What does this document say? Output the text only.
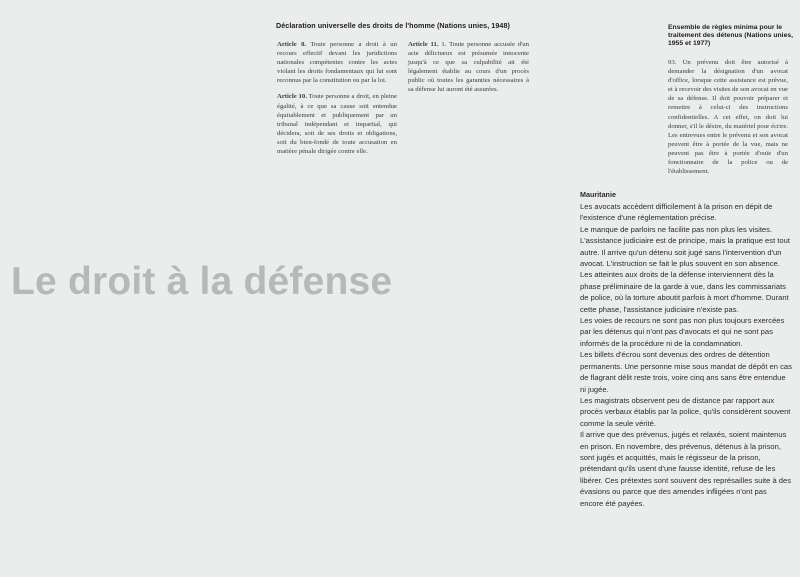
Déclaration universelle des droits de l'homme (Nations unies, 1948)

Article 8. Toute personne a droit à un recours effectif devant les juridictions nationales compétentes contre les actes violant les droits fondamentaux qui lui sont reconnus par la constitution ou par la loi.

Article 10. Toute personne a droit, en pleine égalité, à ce que sa cause soit entendue équitablement et publiquement par un tribunal indépendant et impartial, qui décidera, soit de ses droits et obligations, soit du bien-fondé de toute accusation en matière pénale dirigée contre elle.

Article 11. 1. Toute personne accusée d'un acte délictueux est présumée innocente jusqu'à ce que sa culpabilité ait été légalement établie au cours d'un procès public où toutes les garanties nécessaires à sa défense lui auront été assurées.

Ensemble de règles minima pour le traitement des détenus (Nations unies, 1955 et 1977)

93. Un prévenu doit être autorisé à demander la désignation d'un avocat d'office, lorsque cette assistance est prévue, et à recevoir des visites de son avocat en vue de sa défense. Il doit pouvoir préparer et remettre à celui-ci des instructions confidentielles. A cet effet, on doit lui donner, s'il le désire, du matériel pour écrire. Les entrevues entre le prévenu et son avocat peuvent être à portée de la vue, mais ne peuvent pas être à portée d'ouïe d'un fonctionnaire de la police ou de l'établissement.

Le droit à la défense
Mauritanie

Les avocats accèdent difficilement à la prison en dépit de l'existence d'une réglementation précise.

Le manque de parloirs ne facilite pas non plus les visites.

L'assistance judiciaire est de principe, mais la pratique est tout autre. Il arrive qu'un détenu soit jugé sans l'intervention d'un avocat. L'instruction se fait le plus souvent en son absence.

Les atteintes aux droits de la défense interviennent dès la phase préliminaire de la garde à vue, dans les commissariats de police, où la torture aboutit parfois à mort d'homme. Durant cette phase, l'assistance judiciaire n'existe pas.

Les voies de recours ne sont pas non plus toujours exercées par les détenus qui n'ont pas d'avocats et qui ne sont pas informés de la procédure ni de la condamnation.

Les billets d'écrou sont devenus des ordres de détention permanents. Une personne mise sous mandat de dépôt en cas de flagrant délit reste trois, voire cinq ans sans être entendue ni jugée.

Les magistrats observent peu de distance par rapport aux procès verbaux établis par la police, qu'ils considèrent souvent comme la seule vérité.

Il arrive que des prévenus, jugés et relaxés, soient maintenus en prison. En novembre, des prévenus, détenus à la prison, sont jugés et acquittés, mais le régisseur de la prison, prétendant qu'ils usent d'une fausse identité, refuse de les libérer. Ces prétextes sont souvent des représailles suite à des évasions ou parce que des amendes infligées n'ont pas encore été payées.
